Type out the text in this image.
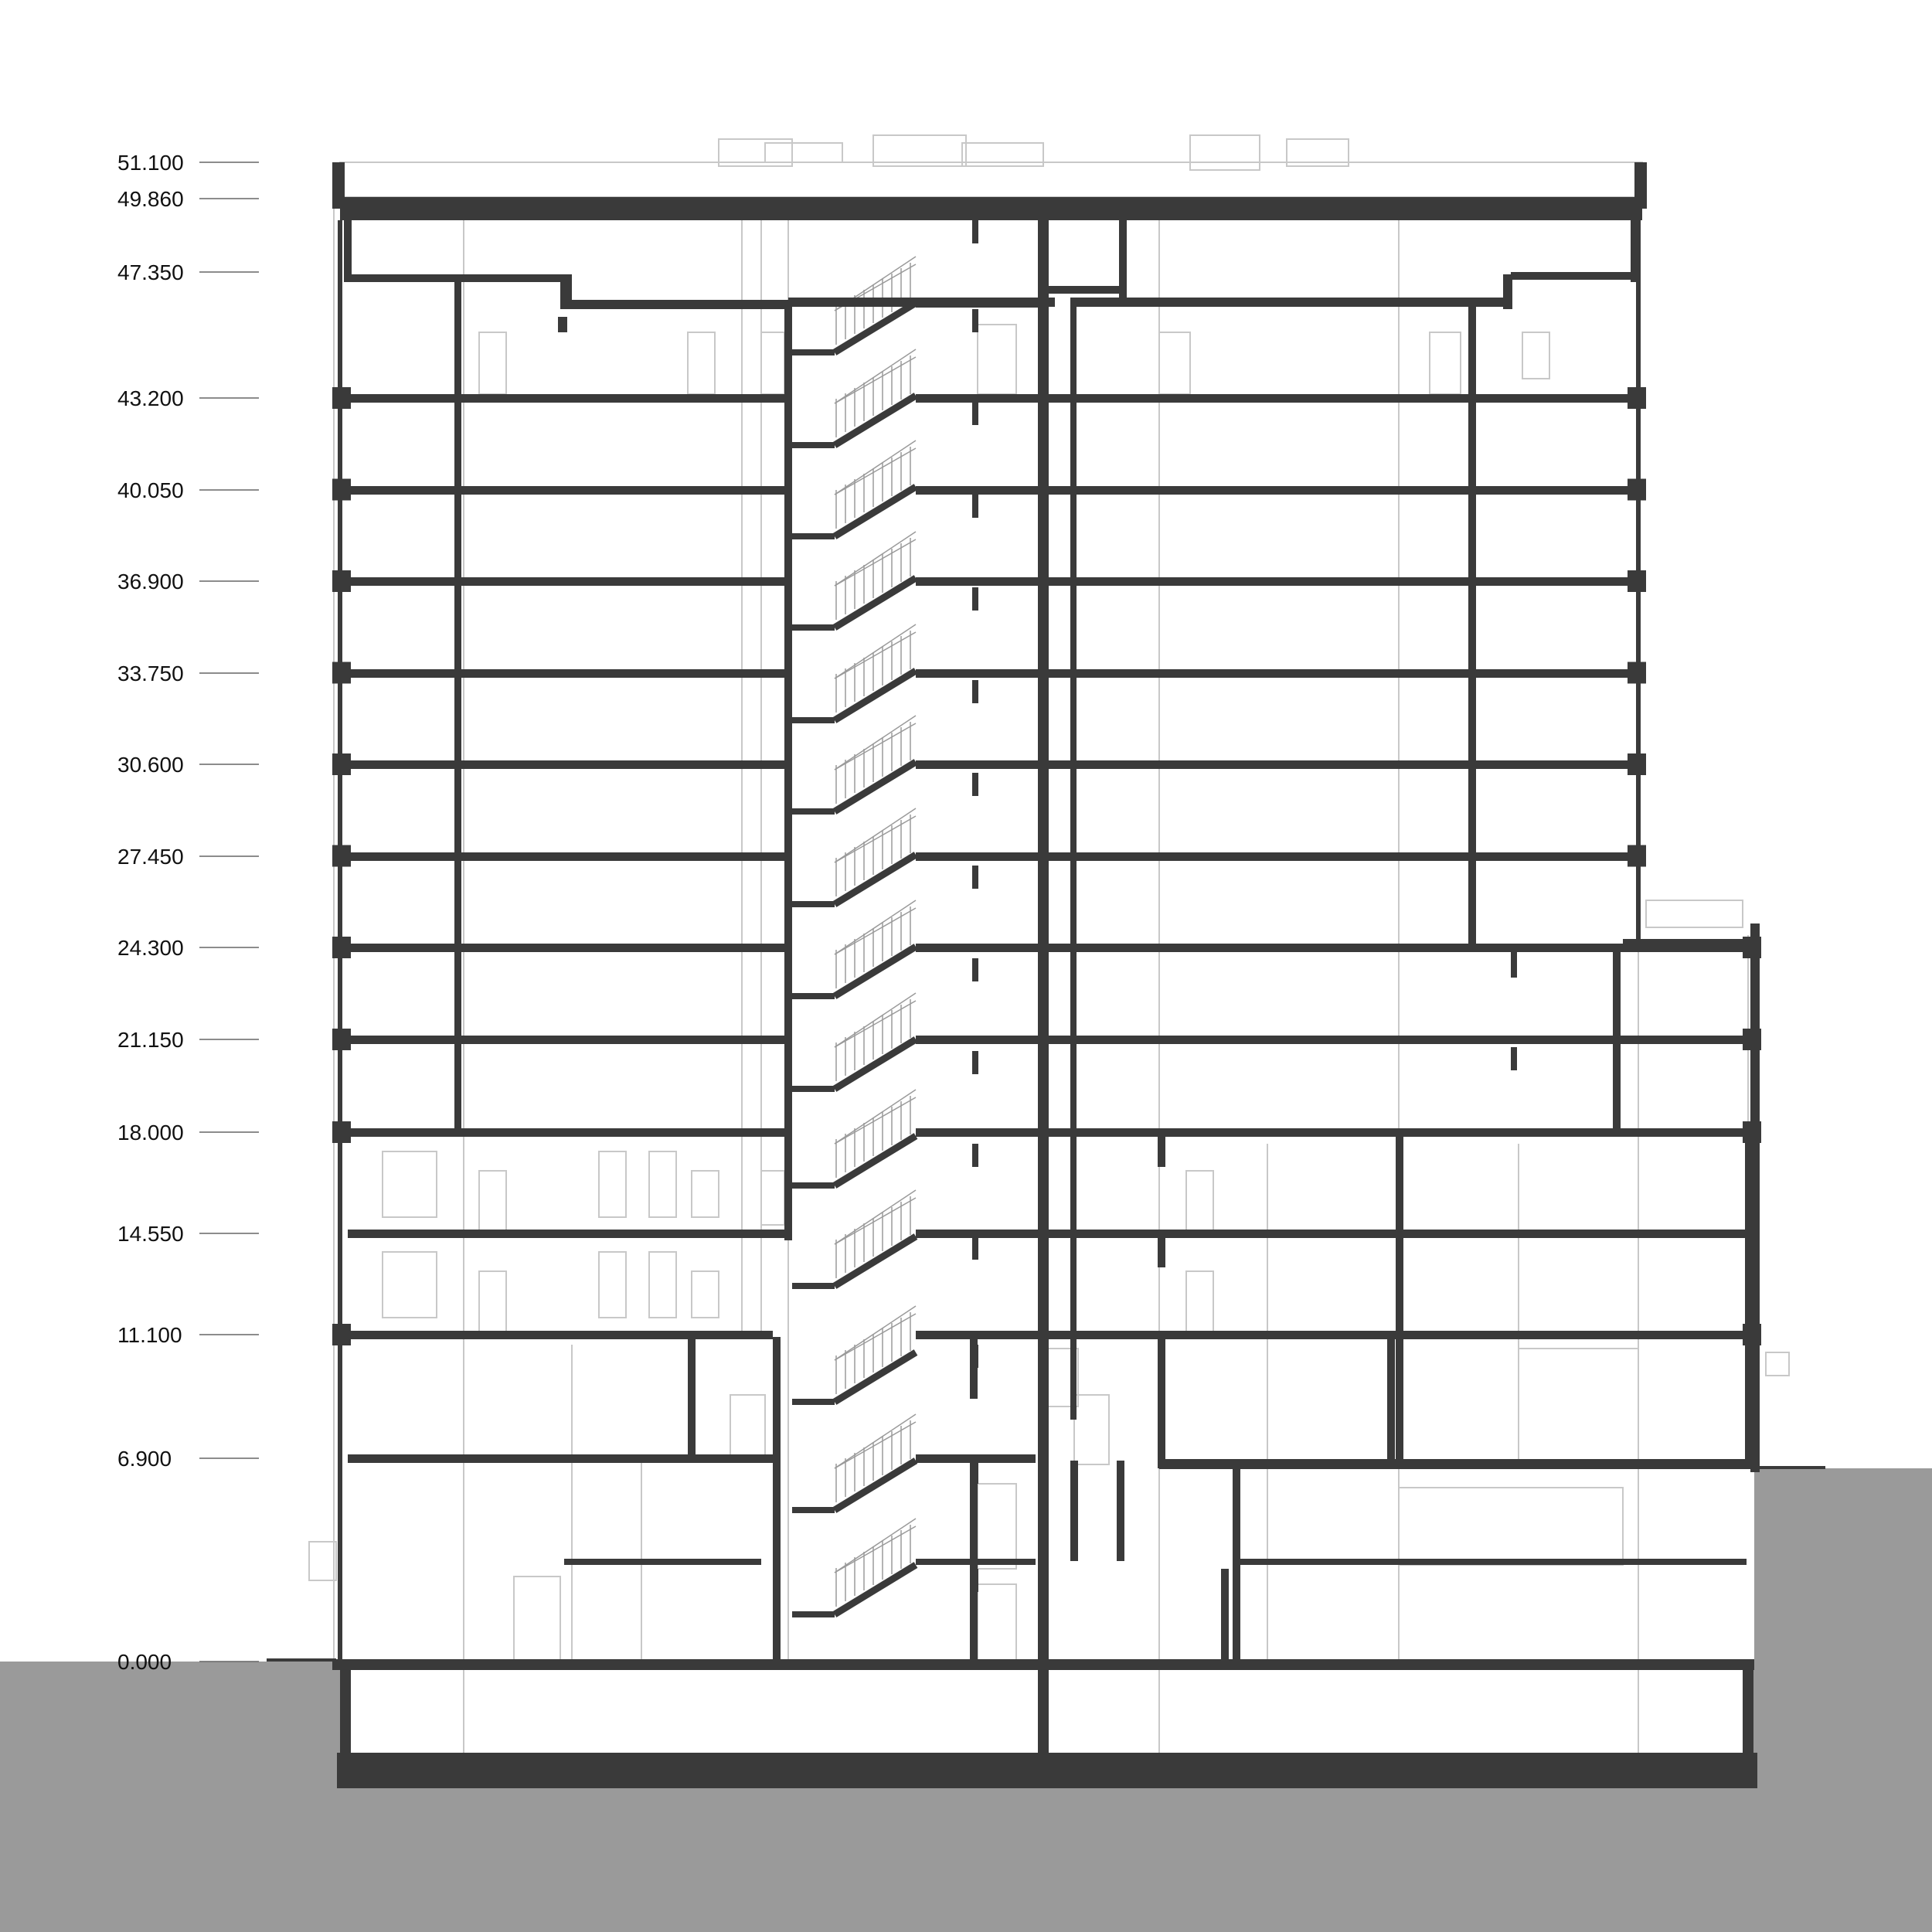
51.100
49.860
47.350
43.200
40.050
36.900
33.750
30.600
27.450
24.300
21.150
18.000
14.550
11.100
6.900
0.000
